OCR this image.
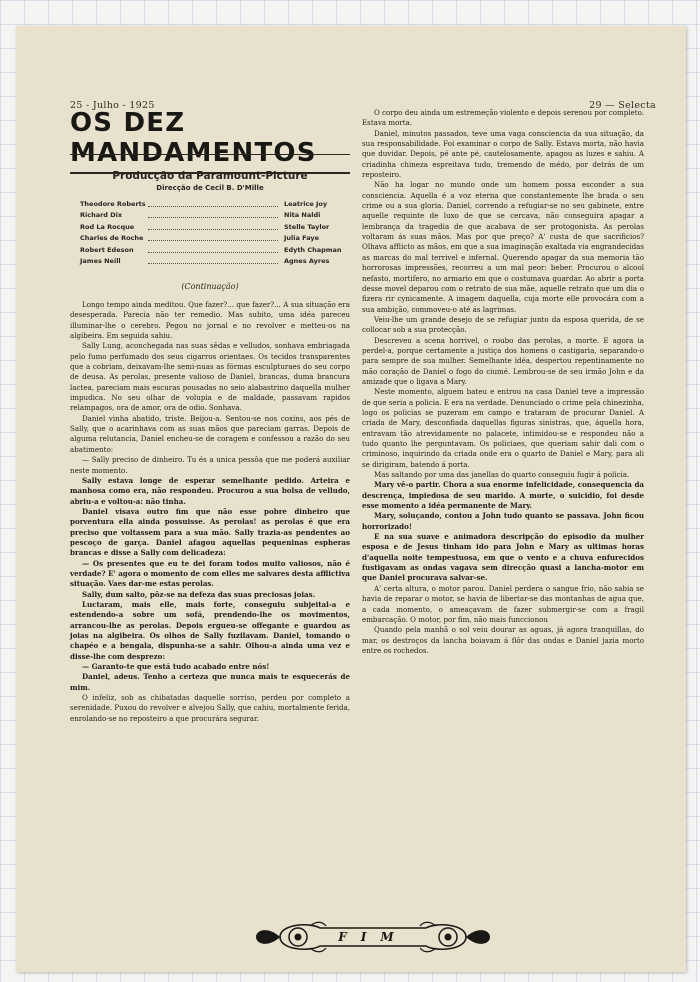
25 - Julho - 1925	29 — Selecta
OS DEZ MANDAMENTOS
Producção da Paramount-Picture
Direcção de Cecil B. D'Mille
Theodore Roberts	Leatrice Joy
Richard Dix	Nita Naldi
Rod La Rocque	Stelle Taylor
Charles de Roche	Julia Faye
Robert Edeson	Edyth Chapman
James Neill	Agnes Ayres
(Continuação)

Longo tempo ainda meditou. Que fazer?... que fazer?... A sua situação era desesperada. Parecia não ter remedio. Mas subito, uma idéa pareceu illuminar-lhe o cerebro. Pegou no jornal e no revolver e metteu-os na algibeira. Em seguida sahiu.

Sally Lung, aconchegada nas suas sêdas e velludos, sonhava embriagada pelo fumo perfumado dos seus cigarros orientaes. Os tecidos transparentes que a cobriam, deixavam-lhe semi-nuas as fórmas esculpturaes do seu corpo de deusa. As perolas, presente valioso de Daniel, brancas, duma brancura lactea, pareciam mais escuras pousadas no seio alabastrino daquella mulher impudica. No seu olhar de volupia e de maldade, passavam rapidos relampagos, ora de amor, ora de odio. Sonhava.

Daniel vinha abatido, triste. Beijou-a. Sentou-se nos coxins, aos pés de Sally, que o acarinhava com as suas mãos que pareciam garras. Depois de alguma relutancia, Daniel encheu-se de coragem e confessou a razão do seu abatimento:

— Sally preciso de dinheiro. Tu és a unica pessôa que me poderá auxiliar neste momento.

Sally estava longe de esperar semelhante pedido. Arteira e manhosa como era, não respondeu. Procurou a sua bolsa de velludo, abriu-a e voltou-a: não tinha.

Daniel visava outro fim que não esse pobre dinheiro que porventura ella ainda possuisse. As perolas! as perolas é que era preciso que voltassem para a sua mão. Sally trazia-as pendentes ao pescoço de garça. Daniel afagou aquellas pequeninas espheras brancas e disse a Sally com delicadeza:

— Os presentes que eu te dei foram todos muito valiosos, não é verdade? E' agora o momento de com elles me salvares desta afflictiva situação. Vaes dar-me estas perolas.

Sally, dum salto, pôz-se na defeza das suas preciosas joias.

Luctaram, mais elle, mais forte, conseguiu subjeital-a e estendendo-a sobre um sofá, prendendo-lhe os movimentos, arrancou-lhe as perolas. Depois ergueu-se offegante e guardou as joias na algibeira. Os olhos de Sally fuzilavam. Daniel, tomando o chapéo e a bengala, dispunha-se a sahir. Olhou-a ainda uma vez e disse-lhe com desprezo:

— Garanto-te que está tudo acabado entre nós!

Daniel, adeus. Tenho a certeza que nunca mais te esquecerás de mim.

O infeliz, sob as chibatadas daquelle sorriso, perdeu por completo a serenidade. Puxou do revolver e alvejou Sally, que cahiu, mortalmente ferida, enrolando-se no reposteiro a que procurára segurar.

O corpo deu ainda um estremeção violento e depois serenou por completo. Estava morta.

Daniel, minutos passados, teve uma vaga consciencia da sua situação, da sua responsabilidade. Foi examinar o corpo de Sally. Estava morta, não havia que duvidar. Depois, pé ante pé, cautelosamente, apagou as luzes e sahiu. A criadinha chineza espreitava tudo, tremendo de médo, por detrás de um reposteiro.

Não ha logar no mundo onde um homem possa esconder a sua consciencia. Aquella é a voz eterna que constantemente lhe brada o seu crime ou a sua gloria. Daniel, correndo a refugiar-se no seu gabinete, entre aquelle requinte de luxo de que se cercava, não conseguira apagar a lembrança da tragedia de que acabava de ser protogonista. As perolas voltaram ás suas mãos. Mas por que preço? A' custa de que sacrificios? Olhava afflicto as mãos, em que a sua imaginação exaltada via engrandecidas as marcas do mal terrivel e infernal. Querendo apagar da sua memoria tão horrorosas impressões, recorreu a um mal peor: beber. Procurou o alcool nefasto, mortifero, no armario em que o costumava guardar. Ao abrir a porta desse movel deparou com o retrato de sua mãe, aquelle retrato que um dia o fizera rir cynicamente. A imagem daquella, cuja morte elle provocára com a sua ambição, commoveu-o até ás lagrimas.

Veiu-lhe um grande desejo de se refugiar junto da esposa querida, de se collocar sob a sua protecção.

Descreveu a scena horrivel, o roubo das perolas, a morte. E agora ia perdel-a, porque certamente a justiça dos homens o castigaria, separando-o para sempre de sua mulher. Semelhante idéa, despertou repentinamente no mão coração de Daniel o fogo do ciumé. Lembrou-se de seu irmão John e da amizade que o ligava a Mary.

Neste momento, alguem bateu e entrou na casa Daniel teve a impressão de que seria a policia. E era na verdade. Denunciado o crime pela chinezinha, logo os policias se puzeram em campo e trataram de procurar Daniel. A criada de Mary, desconfiada daquellas figuras sinistras, que, áquella hora, entravam tão atrevidamente no palacete, intimidou-se e respondeu não a tudo quanto lhe perguntavam. Os policiaes, que queriam sahir dali com o criminoso, inquirindo da criada onde era o quarto de Daniel e Mary, para ali se dirigiram, batendo á porta.

Mas saltando por uma das janellas do quarto conseguiu fugir á policia.

Mary vê-o partir. Chora a sua enorme infelicidade, consequencia da descrença, impiedosa de seu marido. A morte, o suicidio, foi desde esse momento a idéa permanente de Mary.

Mary, soluçando, contou a John tudo quanto se passava. John ficou horrorizado!

E na sua suave e animadora descripção do episodio da mulher esposa e de Jesus tinham ido para John e Mary as ultimas horas d'aquella noite tempestuosa, em que o vento e a chuva enfurecidos fustigavam as ondas vagava sem direcção quasi a lancha-motor em que Daniel procurava salvar-se.

A' certa altura, o motor parou. Daniel perdera o sangue frio, não sabia se havia de reparar o motor, se havia de libertar-se das montanhas de agua que, a cada momento, o ameaçavam de fazer submergir-se com a fragil embarcação. O motor, por fim, não mais funccionou

Quando pela manhã o sol veiu dourar as aguas, já agora tranquillas, do mar, os destroços da lancha boiavam á flôr das ondas e Daniel jazia morto entre os rochedos.

FIM
